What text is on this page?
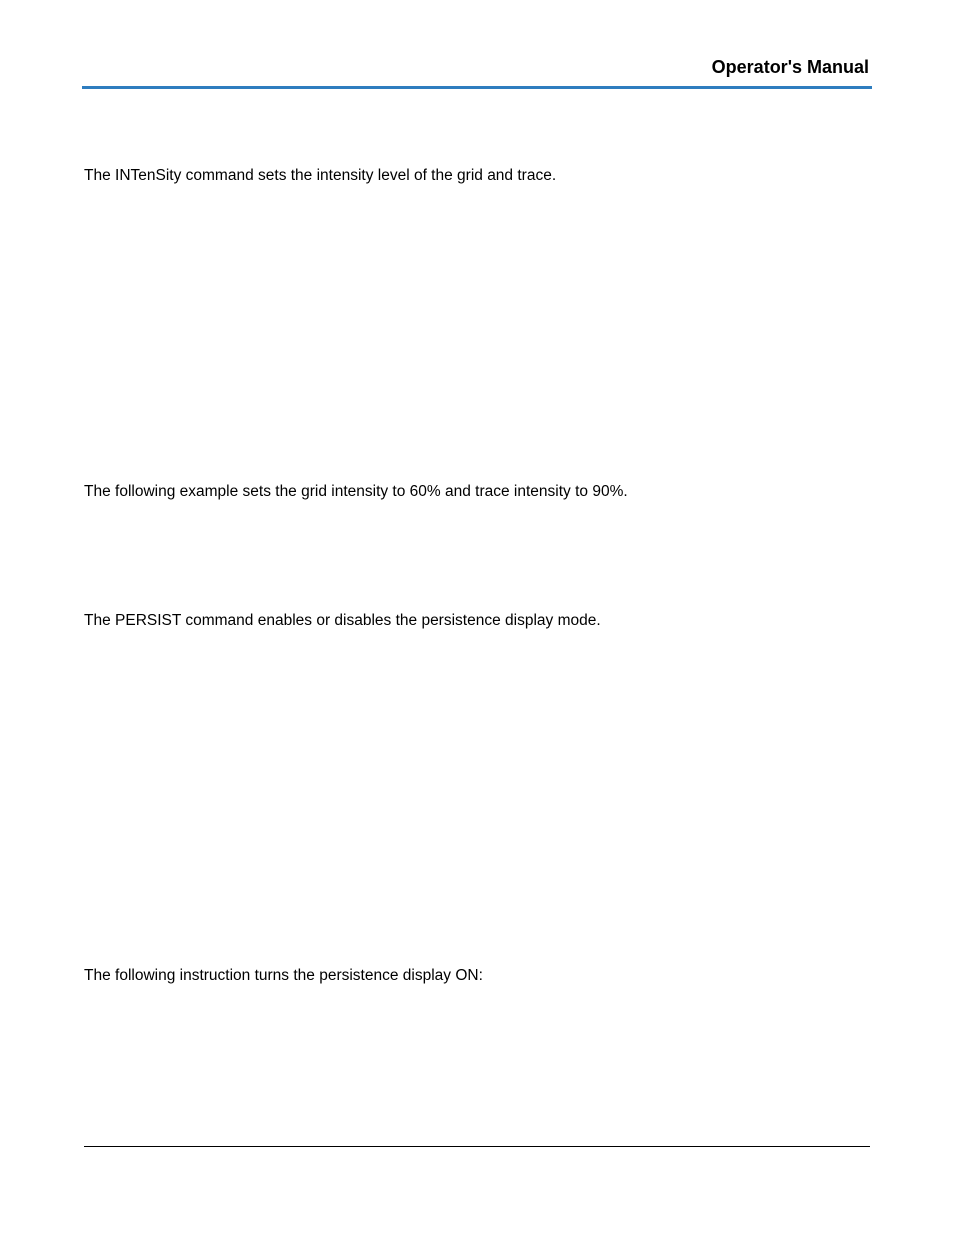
Operator's Manual
The INTenSity command sets the intensity level of the grid and trace.
The following example sets the grid intensity to 60% and trace intensity to 90%.
The PERSIST command enables or disables the persistence display mode.
The following instruction turns the persistence display ON:
